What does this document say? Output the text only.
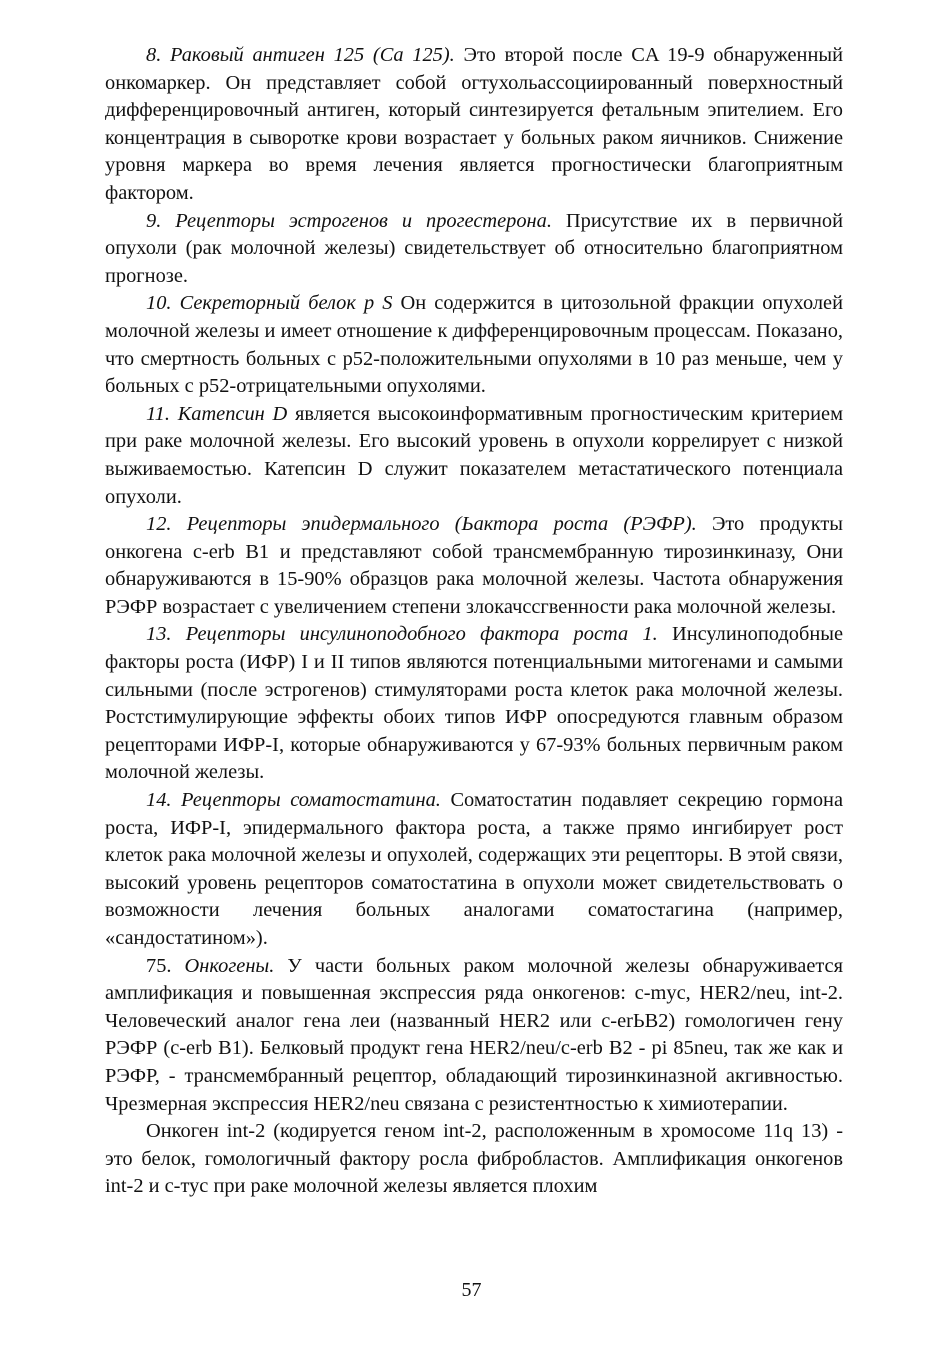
8. Раковый антиген 125 (Ca 125). Это второй после CA 19-9 обнаруженный онкомаркер. Он представляет собой огтухольассоциированный поверхностный дифференцировочный антиген, который синтезируется фетальным эпителием. Его концентрация в сыворотке крови возрастает у больных раком яичников. Снижение уровня маркера во время лечения является прогностически благоприятным фактором.

9. Рецепторы эстрогенов и прогестерона. Присутствие их в первичной опухоли (рак молочной железы) свидетельствует об относительно благоприятном прогнозе.

10. Секреторный белок p S Он содержится в цитозольной фракции опухолей молочной железы и имеет отношение к дифференцировочным процессам. Показано, что смертность больных с р52-положительными опухолями в 10 раз меньше, чем у больных с р52-отрицательными опухолями.

11. Катепсин D является высокоинформативным прогностическим критерием при раке молочной железы. Его высокий уровень в опухоли коррелирует с низкой выживаемостью. Катепсин D служит показателем метастатического потенциала опухоли.

12. Рецепторы эпидермального (Ьактора роста (РЭФР). Это продукты онкогена c-erb B1 и представляют собой трансмембранную тирозинкиназу, Они обнаруживаются в 15-90% образцов рака молочной железы. Частота обнаружения РЭФР возрастает с увеличением степени злокачссгвенности рака молочной железы.

13. Рецепторы инсулиноподобного фактора роста 1. Инсулиноподобные факторы роста (ИФР) I и II типов являются потенциальными митогенами и самыми сильными (после эстрогенов) стимуляторами роста клеток рака молочной железы. Ростстимулирующие эффекты обоих типов ИФР опосредуются главным образом рецепторами ИФР-I, которые обнаруживаются у 67-93% больных первичным раком молочной железы.

14. Рецепторы соматостатина. Соматостатин подавляет секрецию гормона роста, ИФР-I, эпидермального фактора роста, а также прямо ингибирует рост клеток рака молочной железы и опухолей, содержащих эти рецепторы. В этой связи, высокий уровень рецепторов соматостатина в опухоли может свидетельствовать о возможности лечения больных аналогами соматостагина (например, «сандостатином»).

75. Онкогены. У части больных раком молочной железы обнаруживается амплификация и повышенная экспрессия ряда онкогенов: c-myc, HER2/neu, int-2. Человеческий аналог гена леи (названный HER2 или c-erЬB2) гомологичен гену РЭФР (c-erb B1). Белковый продукт гена HER2/neu/c-erb B2 - pi 85neu, так же как и РЭФР, - трансмембранный рецептор, обладающий тирозинкиназной акгивностью. Чрезмерная экспрессия HER2/neu связана с резистентностью к химиотерапии.

Онкоген int-2 (кодируется геном int-2, расположенным в хромосоме 11q 13) - это белок, гомологичный фактору росла фибробластов. Амплификация онкогенов int-2 и c-тус при раке молочной железы является плохим

57
